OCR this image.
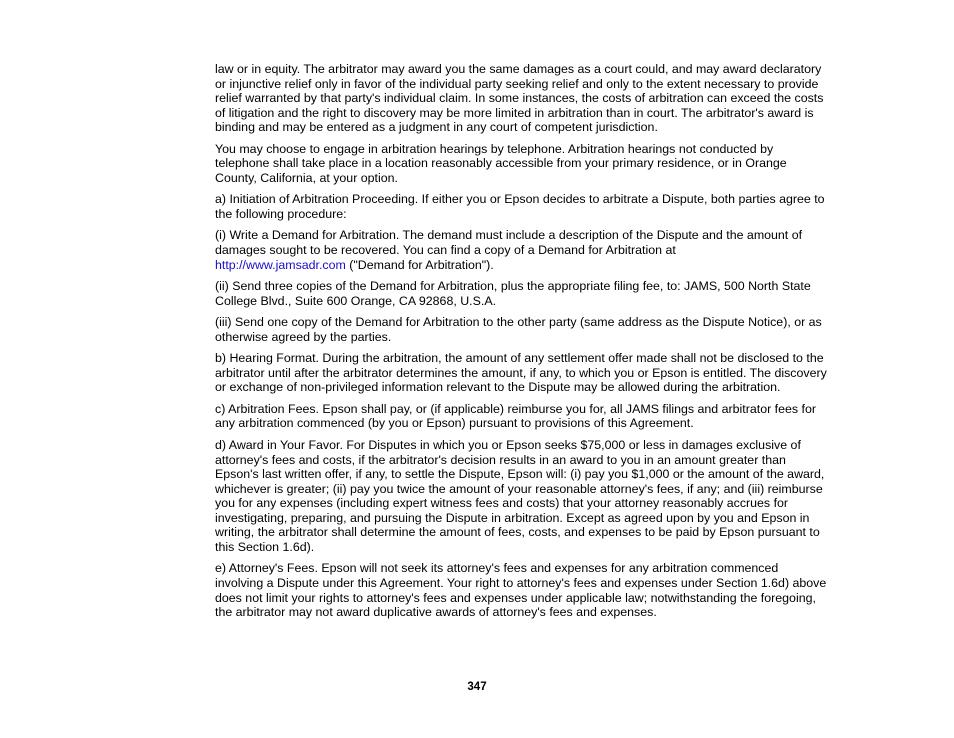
law or in equity. The arbitrator may award you the same damages as a court could, and may award declaratory or injunctive relief only in favor of the individual party seeking relief and only to the extent necessary to provide relief warranted by that party's individual claim. In some instances, the costs of arbitration can exceed the costs of litigation and the right to discovery may be more limited in arbitration than in court. The arbitrator's award is binding and may be entered as a judgment in any court of competent jurisdiction.

You may choose to engage in arbitration hearings by telephone. Arbitration hearings not conducted by telephone shall take place in a location reasonably accessible from your primary residence, or in Orange County, California, at your option.

a) Initiation of Arbitration Proceeding. If either you or Epson decides to arbitrate a Dispute, both parties agree to the following procedure:

(i) Write a Demand for Arbitration. The demand must include a description of the Dispute and the amount of damages sought to be recovered. You can find a copy of a Demand for Arbitration at
http://www.jamsadr.com ("Demand for Arbitration").

(ii) Send three copies of the Demand for Arbitration, plus the appropriate filing fee, to: JAMS, 500 North State College Blvd., Suite 600 Orange, CA 92868, U.S.A.

(iii) Send one copy of the Demand for Arbitration to the other party (same address as the Dispute Notice), or as otherwise agreed by the parties.

b) Hearing Format. During the arbitration, the amount of any settlement offer made shall not be disclosed to the arbitrator until after the arbitrator determines the amount, if any, to which you or Epson is entitled. The discovery or exchange of non-privileged information relevant to the Dispute may be allowed during the arbitration.

c) Arbitration Fees. Epson shall pay, or (if applicable) reimburse you for, all JAMS filings and arbitrator fees for any arbitration commenced (by you or Epson) pursuant to provisions of this Agreement.

d) Award in Your Favor. For Disputes in which you or Epson seeks $75,000 or less in damages exclusive of attorney's fees and costs, if the arbitrator's decision results in an award to you in an amount greater than Epson's last written offer, if any, to settle the Dispute, Epson will: (i) pay you $1,000 or the amount of the award, whichever is greater; (ii) pay you twice the amount of your reasonable attorney's fees, if any; and (iii) reimburse you for any expenses (including expert witness fees and costs) that your attorney reasonably accrues for investigating, preparing, and pursuing the Dispute in arbitration. Except as agreed upon by you and Epson in writing, the arbitrator shall determine the amount of fees, costs, and expenses to be paid by Epson pursuant to this Section 1.6d).

e) Attorney's Fees. Epson will not seek its attorney's fees and expenses for any arbitration commenced involving a Dispute under this Agreement. Your right to attorney's fees and expenses under Section 1.6d) above does not limit your rights to attorney's fees and expenses under applicable law; notwithstanding the foregoing, the arbitrator may not award duplicative awards of attorney's fees and expenses.

347
